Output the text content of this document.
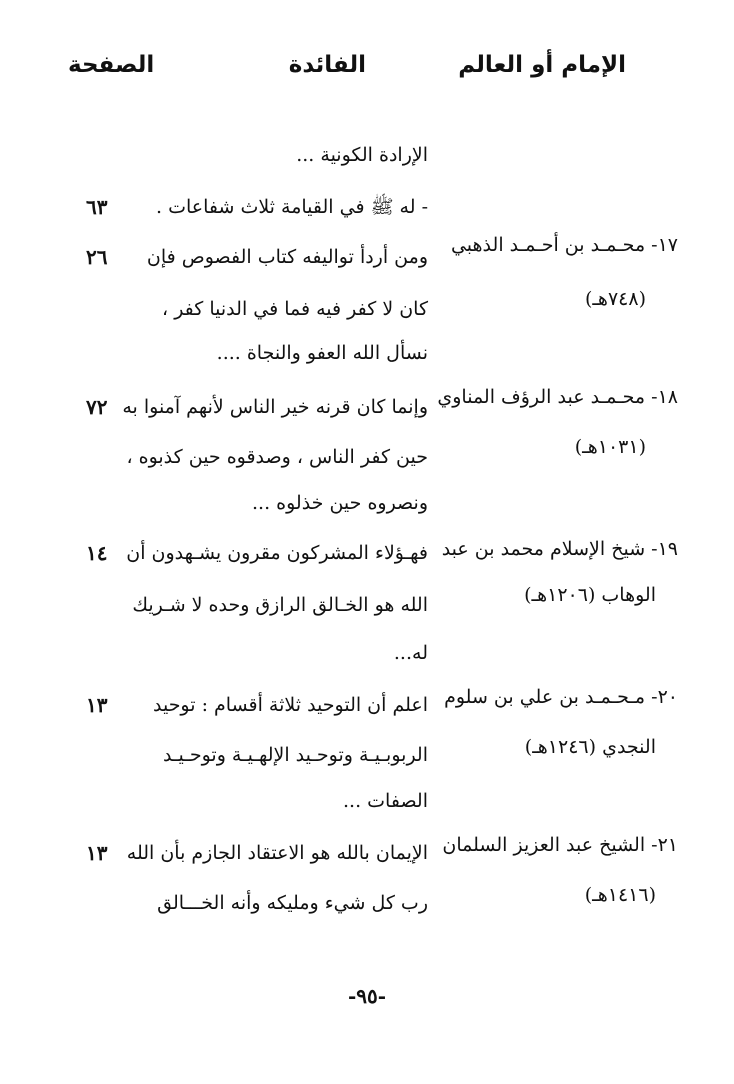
الإمام أو العالم
الفائدة
الصفحة
الإرادة الكونية ...
- له ﷺ في القيامة ثلاث شفاعات .
٦٣
١٧- محـمـد بن أحـمـد الذهبي
(٧٤٨هـ)
ومن أردأ تواليفه كتاب الفصوص فإن
كان لا كفر فيه فما في الدنيا كفر ،
نسأل الله العفو والنجاة ....
٢٦
١٨- محـمـد عبد الرؤف المناوي
(١٠٣١هـ)
وإنما كان قرنه خير الناس لأنهم آمنوا به
حين كفر الناس ، وصدقوه حين كذبوه ،
ونصروه حين خذلوه ...
٧٢
١٩- شيخ الإسلام محمد بن عبد
الوهاب (١٢٠٦هـ)
فهـؤلاء المشركون مقرون يشـهدون أن
الله هو الخـالق الرازق وحده لا شـريك
له...
١٤
٢٠- مـحـمـد بن علي بن سلوم
النجدي (١٢٤٦هـ)
اعلم أن التوحيد ثلاثة أقسام : توحيد
الربوبـيـة وتوحـيد الإلهـيـة وتوحـيـد
الصفات ...
١٣
٢١- الشيخ عبد العزيز السلمان
(١٤١٦هـ)
الإيمان بالله هو الاعتقاد الجازم بأن الله
رب كل شيء ومليكه وأنه الخـــالق
١٣
-٩٥-
